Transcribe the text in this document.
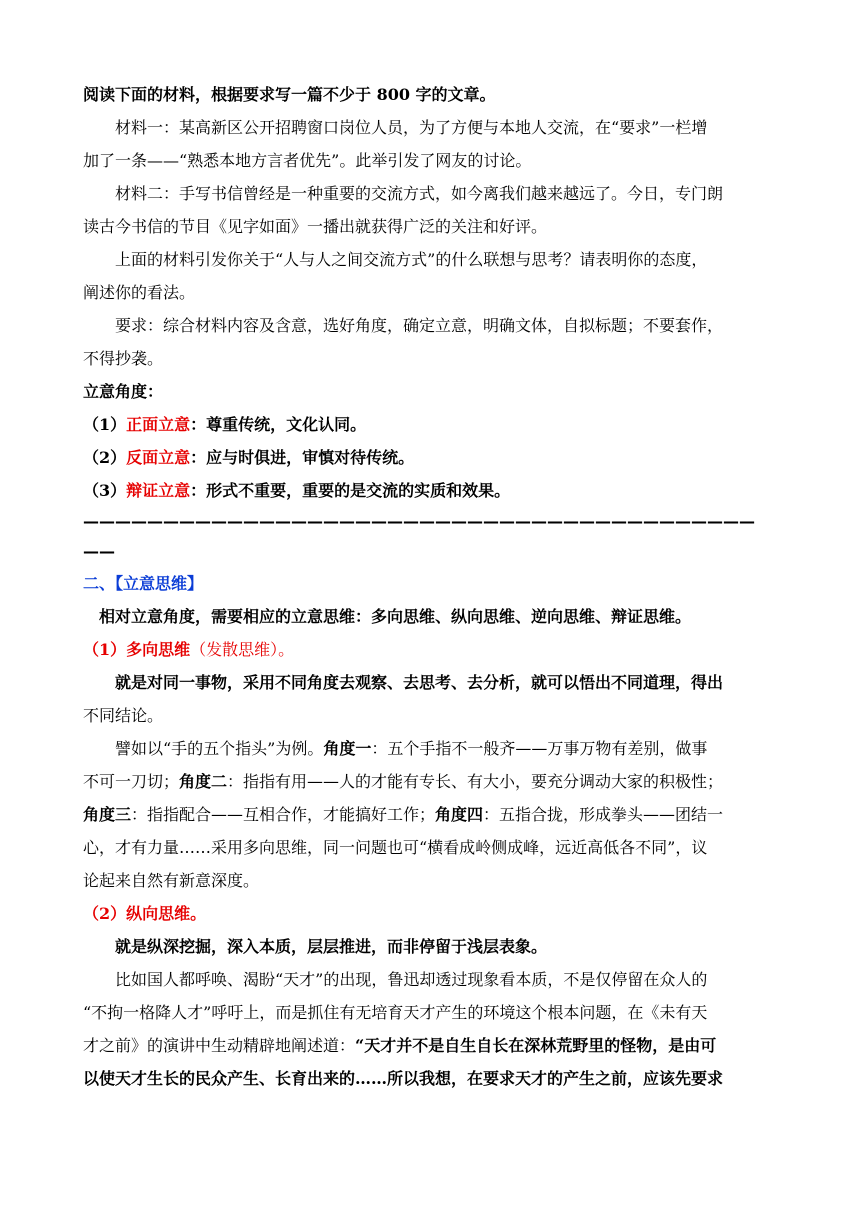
阅读下面的材料，根据要求写一篇不少于 800 字的文章。
材料一：某高新区公开招聘窗口岗位人员，为了方便与本地人交流，在“要求”一栏增
加了一条——“熟悉本地方言者优先”。此举引发了网友的讨论。
材料二：手写书信曾经是一种重要的交流方式，如今离我们越来越远了。今日，专门朗
读古今书信的节目《见字如面》一播出就获得广泛的关注和好评。
上面的材料引发你关于“人与人之间交流方式”的什么联想与思考？请表明你的态度，
阐述你的看法。
要求：综合材料内容及含意，选好角度，确定立意，明确文体，自拟标题；不要套作，
不得抄袭。
立意角度：
（1）正面立意：尊重传统，文化认同。
（2）反面立意：应与时俱进，审慎对待传统。
（3）辩证立意：形式不重要，重要的是交流的实质和效果。
——————————————————————————————————————————
——
二、【立意思维】
相对立意角度，需要相应的立意思维：多向思维、纵向思维、逆向思维、辩证思维。
（1）多向思维（发散思维）。
就是对同一事物，采用不同角度去观察、去思考、去分析，就可以悟出不同道理，得出
不同结论。
譬如以“手的五个指头”为例。角度一：五个手指不一般齐——万事万物有差别，做事
不可一刀切；角度二：指指有用——人的才能有专长、有大小，要充分调动大家的积极性；
角度三：指指配合——互相合作，才能搞好工作；角度四：五指合拢，形成拳头——团结一
心，才有力量……采用多向思维，同一问题也可“横看成岭侧成峰，远近高低各不同”，议
论起来自然有新意深度。
（2）纵向思维。
就是纵深挖掘，深入本质，层层推进，而非停留于浅层表象。
比如国人都呼唤、渴盼“天才”的出现，鲁迅却透过现象看本质，不是仅停留在众人的
“不拘一格降人才”呼吁上，而是抓住有无培育天才产生的环境这个根本问题，在《未有天
才之前》的演讲中生动精辟地阐述道：“天才并不是自生自长在深林荒野里的怪物，是由可
以使天才生长的民众产生、长育出来的……所以我想，在要求天才的产生之前，应该先要求
